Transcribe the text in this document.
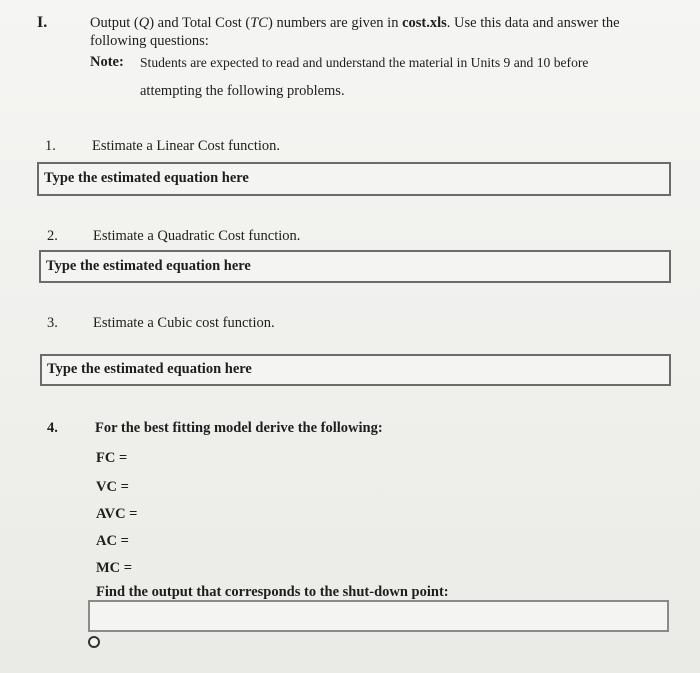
I.	Output (Q) and Total Cost (TC) numbers are given in cost.xls. Use this data and answer the
following questions:
Note: Students are expected to read and understand the material in Units 9 and 10 before
attempting the following problems.
1. Estimate a Linear Cost function.
Type the estimated equation here
2. Estimate a Quadratic Cost function.
Type the estimated equation here
3. Estimate a Cubic cost function.
Type the estimated equation here
4.	For the best fitting model derive the following:
FC =
VC =
AVC =
AC =
MC =
Find the output that corresponds to the shut-down point:
